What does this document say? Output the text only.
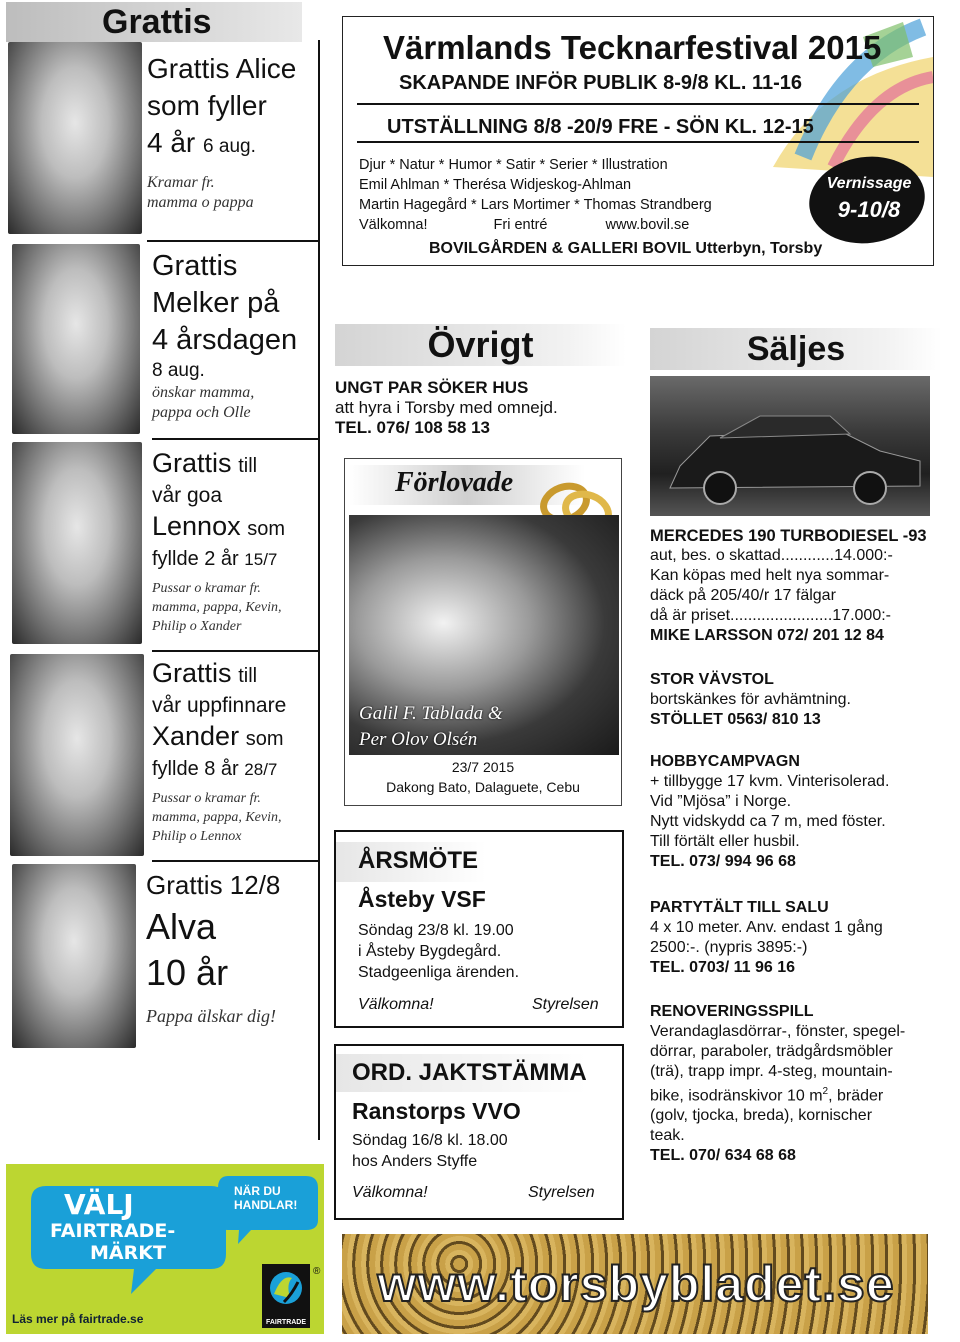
Grattis
Grattis Alice
som fyller
4 år 6 aug.
Kramar fr.
mamma o pappa
Grattis
Melker på
4 årsdagen
8 aug.
önskar mamma,
pappa och Olle
Grattis till
vår goa
Lennox som
fyllde 2 år 15/7
Pussar o kramar fr.
mamma, pappa, Kevin,
Philip o Xander
Grattis till
vår uppfinnare
Xander som
fyllde 8 år 28/7
Pussar o kramar fr.
mamma, pappa, Kevin,
Philip o Lennox
Grattis 12/8
Alva
10 år
Pappa älskar dig!
VÄLJ
FAIRTRADE-
MÄRKT
NÄR DU
HANDLAR!
FAIRTRADE
®
Läs mer på fairtrade.se
Värmlands Tecknarfestival 2015
SKAPANDE INFÖR PUBLIK 8-9/8 KL. 11-16
UTSTÄLLNING 8/8 -20/9 FRE - SÖN KL. 12-15
Djur * Natur * Humor * Satir * Serier * Illustration
Emil Ahlman * Therésa Widjeskog-Ahlman
Martin Hagegård * Lars Mortimer * Thomas Strandberg
Välkomna!	Fri entré	www.bovil.se
BOVILGÅRDEN & GALLERI BOVIL Utterbyn, Torsby
Vernissage
9-10/8
Övrigt
UNGT PAR SÖKER HUS
att hyra i Torsby med omnejd.
TEL. 076/ 108 58 13
Förlovade
Galil F. Tablada &
Per Olov Olsén
23/7 2015
Dakong Bato, Dalaguete, Cebu
ÅRSMÖTE
Åsteby VSF
Söndag 23/8 kl. 19.00
i Åsteby Bygdegård.
Stadgeenliga ärenden.
Välkomna!	Styrelsen
ORD. JAKTSTÄMMA
Ranstorps VVO
Söndag 16/8 kl. 18.00
hos Anders Styffe
Välkomna!	Styrelsen
Säljes
MERCEDES 190 TURBODIESEL -93
aut, bes. o skattad............14.000:-
Kan köpas med helt nya sommar-
däck på 205/40/r 17 fälgar
då är priset.......................17.000:-
MIKE LARSSON 072/ 201 12 84
STOR VÄVSTOL
bortskänkes för avhämtning.
STÖLLET 0563/ 810 13
HOBBYCAMPVAGN
+ tillbygge 17 kvm. Vinterisolerad.
Vid ”Mjösa” i Norge.
Nytt vidskydd ca 7 m, med föster.
Till förtält eller husbil.
TEL. 073/ 994 96 68
PARTYTÄLT TILL SALU
4 x 10 meter. Anv. endast 1 gång
2500:-. (nypris 3895:-)
TEL. 0703/ 11 96 16
RENOVERINGSSPILL
Verandaglasdörrar-, fönster, spegel-
dörrar, paraboler, trädgårdsmöbler
(trä), trapp impr. 4-steg, mountain-
bike, isodränskivor 10 $m^2$, bräder
(golv, tjocka, breda), kornischer
teak.
TEL. 070/ 634 68 68
www.torsbybladet.se
